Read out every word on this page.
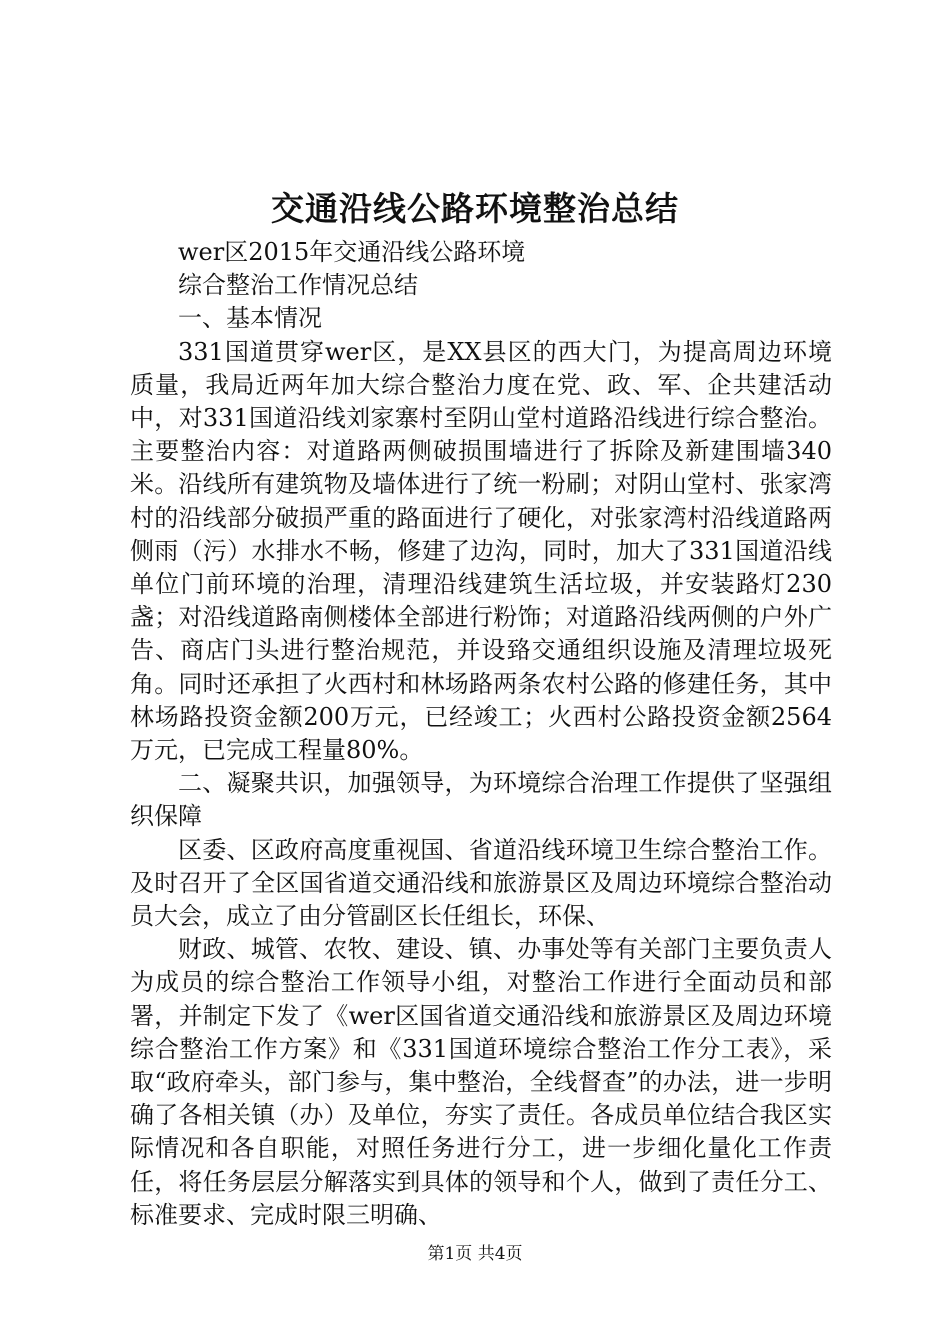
交通沿线公路环境整治总结

wer区2015年交通沿线公路环境

综合整治工作情况总结

一、基本情况

331国道贯穿wer区，是XX县区的西大门，为提高周边环境质量，我局近两年加大综合整治力度在党、政、军、企共建活动中，对331国道沿线刘家寨村至阴山堂村道路沿线进行综合整治。主要整治内容：对道路两侧破损围墙进行了拆除及新建围墙340米。沿线所有建筑物及墙体进行了统一粉刷；对阴山堂村、张家湾村的沿线部分破损严重的路面进行了硬化，对张家湾村沿线道路两侧雨（污）水排水不畅，修建了边沟，同时，加大了331国道沿线单位门前环境的治理，清理沿线建筑生活垃圾，并安装路灯230盏；对沿线道路南侧楼体全部进行粉饰；对道路沿线两侧的户外广告、商店门头进行整治规范，并设臵交通组织设施及清理垃圾死角。同时还承担了火西村和林场路两条农村公路的修建任务，其中林场路投资金额200万元，已经竣工；火西村公路投资金额2564万元，已完成工程量80%。

二、凝聚共识，加强领导，为环境综合治理工作提供了坚强组织保障

区委、区政府高度重视国、省道沿线环境卫生综合整治工作。及时召开了全区国省道交通沿线和旅游景区及周边环境综合整治动员大会，成立了由分管副区长任组长，环保、

财政、城管、农牧、建设、镇、办事处等有关部门主要负责人为成员的综合整治工作领导小组，对整治工作进行全面动员和部署，并制定下发了《wer区国省道交通沿线和旅游景区及周边环境综合整治工作方案》和《331国道环境综合整治工作分工表》，采取“政府牵头，部门参与，集中整治，全线督查”的办法，进一步明确了各相关镇（办）及单位，夯实了责任。各成员单位结合我区实际情况和各自职能，对照任务进行分工，进一步细化量化工作责任，将任务层层分解落实到具体的领导和个人，做到了责任分工、标准要求、完成时限三明确、

第1页 共4页
